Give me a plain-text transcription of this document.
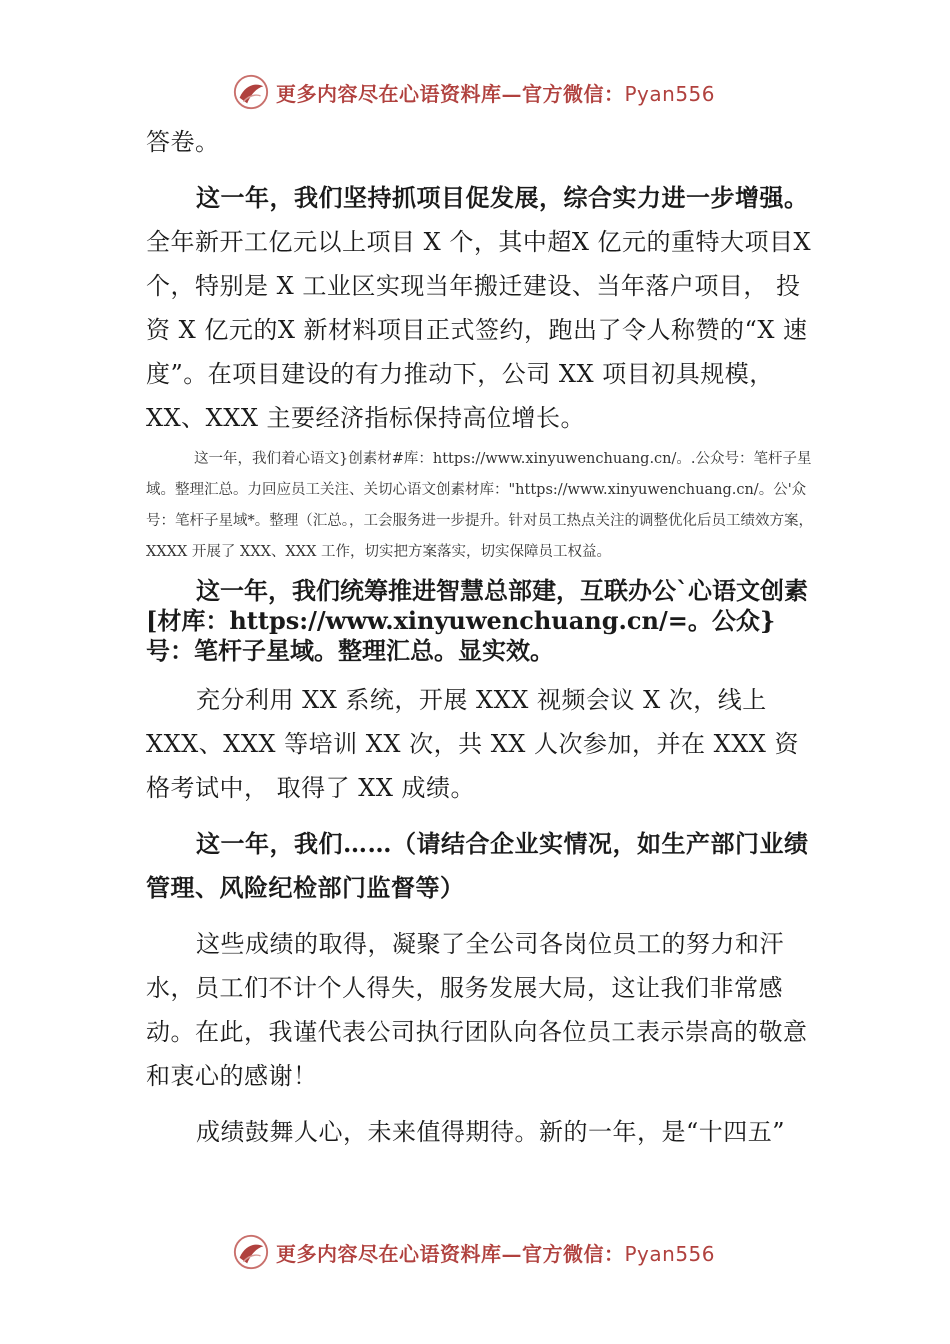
更多内容尽在心语资料库—官方微信：Pyan556

答卷。

这一年，我们坚持抓项目促发展，综合实力进一步增强。 全年新开工亿元以上项目 X 个，其中超X 亿元的重特大项目X 个，特别是 X 工业区实现当年搬迁建设、当年落户项目， 投资 X 亿元的X 新材料项目正式签约，跑出了令人称赞的“X 速度”。在项目建设的有力推动下，公司 XX 项目初具规模，XX、XXX 主要经济指标保持高位增长。

这一年，我们着心语文}创素材#库：https://www.xinyuwenchuang.cn/。.公众号：笔杆子星域。整理汇总。力回应员工关注、关切心语文创素材库："https://www.xinyuwenchuang.cn/。公'众号：笔杆子星域*。整理（汇总。，工会服务进一步提升。针对员工热点关注的调整优化后员工绩效方案， XXXX 开展了 XXX、XXX 工作，切实把方案落实，切实保障员工权益。

这一年，我们统筹推进智慧总部建，互联办公`心语文创素[材库：https://www.xinyuwenchuang.cn/=。公众}号：笔杆子星域。整理汇总。显实效。

充分利用 XX 系统，开展 XXX 视频会议 X 次，线上XXX、XXX 等培训 XX 次，共 XX 人次参加，并在 XXX 资格考试中， 取得了 XX 成绩。

这一年，我们……（请结合企业实情况，如生产部门业绩管理、风险纪检部门监督等）

这些成绩的取得，凝聚了全公司各岗位员工的努力和汗水，员工们不计个人得失，服务发展大局，这让我们非常感动。在此，我谨代表公司执行团队向各位员工表示崇高的敬意和衷心的感谢！

成绩鼓舞人心，未来值得期待。新的一年，是“十四五”

更多内容尽在心语资料库—官方微信：Pyan556
